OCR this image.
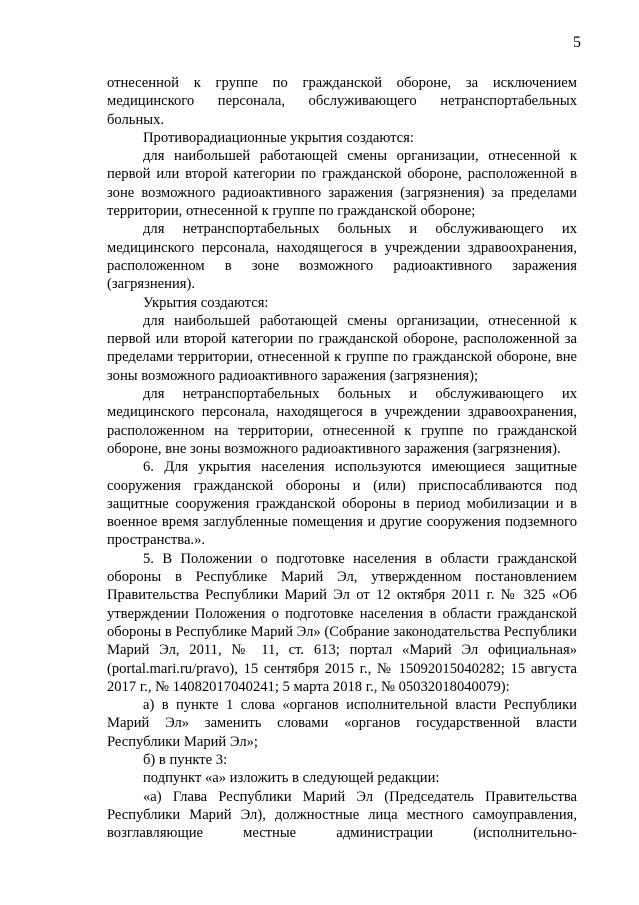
5

отнесенной к группе по гражданской обороне, за исключением медицинского персонала, обслуживающего нетранспортабельных больных.

Противорадиационные укрытия создаются:

для наибольшей работающей смены организации, отнесенной к первой или второй категории по гражданской обороне, расположенной в зоне возможного радиоактивного заражения (загрязнения) за пределами территории, отнесенной к группе по гражданской обороне;

для нетранспортабельных больных и обслуживающего их медицинского персонала, находящегося в учреждении здравоохранения, расположенном в зоне возможного радиоактивного заражения (загрязнения).

Укрытия создаются:

для наибольшей работающей смены организации, отнесенной к первой или второй категории по гражданской обороне, расположенной за пределами территории, отнесенной к группе по гражданской обороне, вне зоны возможного радиоактивного заражения (загрязнения);

для нетранспортабельных больных и обслуживающего их медицинского персонала, находящегося в учреждении здравоохранения, расположенном на территории, отнесенной к группе по гражданской обороне, вне зоны возможного радиоактивного заражения (загрязнения).

6. Для укрытия населения используются имеющиеся защитные сооружения гражданской обороны и (или) приспосабливаются под защитные сооружения гражданской обороны в период мобилизации и в военное время заглубленные помещения и другие сооружения подземного пространства.».

5. В Положении о подготовке населения в области гражданской обороны в Республике Марий Эл, утвержденном постановлением Правительства Республики Марий Эл от 12 октября 2011 г. № 325 «Об утверждении Положения о подготовке населения в области гражданской обороны в Республике Марий Эл» (Собрание законодательства Республики Марий Эл, 2011, № 11, ст. 613; портал «Марий Эл официальная» (portal.mari.ru/pravo), 15 сентября 2015 г., № 15092015040282; 15 августа 2017 г., № 14082017040241; 5 марта 2018 г., № 05032018040079):

а) в пункте 1 слова «органов исполнительной власти Республики Марий Эл» заменить словами «органов государственной власти Республики Марий Эл»;

б) в пункте 3:

подпункт «а» изложить в следующей редакции:

«а) Глава Республики Марий Эл (Председатель Правительства Республики Марий Эл), должностные лица местного самоуправления, возглавляющие местные администрации (исполнительно-
